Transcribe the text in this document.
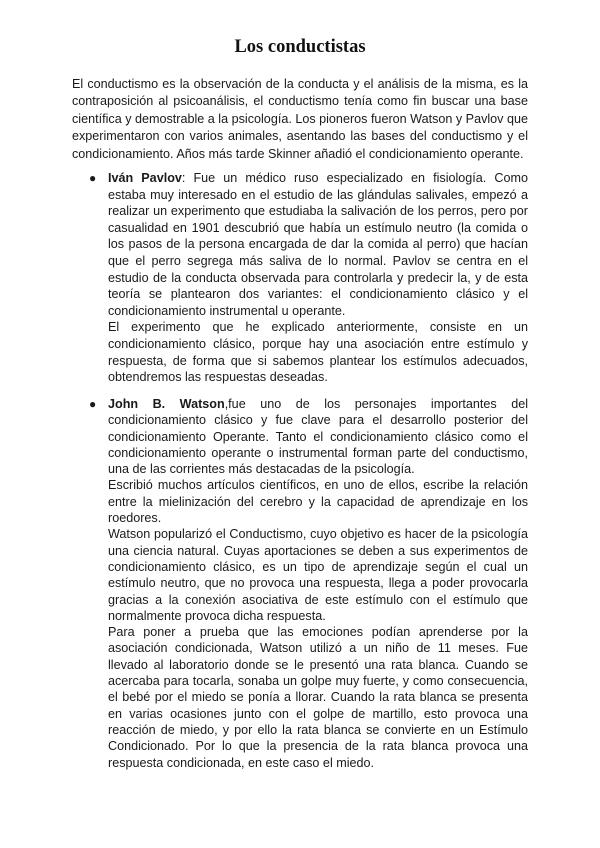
Los conductistas

El conductismo es la observación de la conducta y el análisis de la misma, es la contraposición al psicoanálisis, el conductismo tenía como fin buscar una base científica y demostrable a la psicología. Los pioneros fueron Watson y Pavlov que experimentaron con varios animales, asentando las bases del conductismo y el condicionamiento. Años más tarde Skinner añadió el condicionamiento operante.

● Iván Pavlov: Fue un médico ruso especializado en fisiología. Como estaba muy interesado en el estudio de las glándulas salivales, empezó a realizar un experimento que estudiaba la salivación de los perros, pero por casualidad en 1901 descubrió que había un estímulo neutro (la comida o los pasos de la persona encargada de dar la comida al perro) que hacían que el perro segrega más saliva de lo normal. Pavlov se centra en el estudio de la conducta observada para controlarla y predecir la, y de esta teoría se plantearon dos variantes: el condicionamiento clásico y el condicionamiento instrumental u operante.

El experimento que he explicado anteriormente, consiste en un condicionamiento clásico, porque hay una asociación entre estímulo y respuesta, de forma que si sabemos plantear los estímulos adecuados, obtendremos las respuestas deseadas.

● John B. Watson,fue uno de los personajes importantes del condicionamiento clásico y fue clave para el desarrollo posterior del condicionamiento Operante. Tanto el condicionamiento clásico como el condicionamiento operante o instrumental forman parte del conductismo, una de las corrientes más destacadas de la psicología.

Escribió muchos artículos científicos, en uno de ellos, escribe la relación entre la mielinización del cerebro y la capacidad de aprendizaje en los roedores.

Watson popularizó el Conductismo, cuyo objetivo es hacer de la psicología una ciencia natural. Cuyas aportaciones se deben a sus experimentos de condicionamiento clásico, es un tipo de aprendizaje según el cual un estímulo neutro, que no provoca una respuesta, llega a poder provocarla gracias a la conexión asociativa de este estímulo con el estímulo que normalmente provoca dicha respuesta.

Para poner a prueba que las emociones podían aprenderse por la asociación condicionada, Watson utilizó a un niño de 11 meses. Fue llevado al laboratorio donde se le presentó una rata blanca. Cuando se acercaba para tocarla, sonaba un golpe muy fuerte, y como consecuencia, el bebé por el miedo se ponía a llorar. Cuando la rata blanca se presenta en varias ocasiones junto con el golpe de martillo, esto provoca una reacción de miedo, y por ello la rata blanca se convierte en un Estímulo Condicionado. Por lo que la presencia de la rata blanca provoca una respuesta condicionada, en este caso el miedo.
